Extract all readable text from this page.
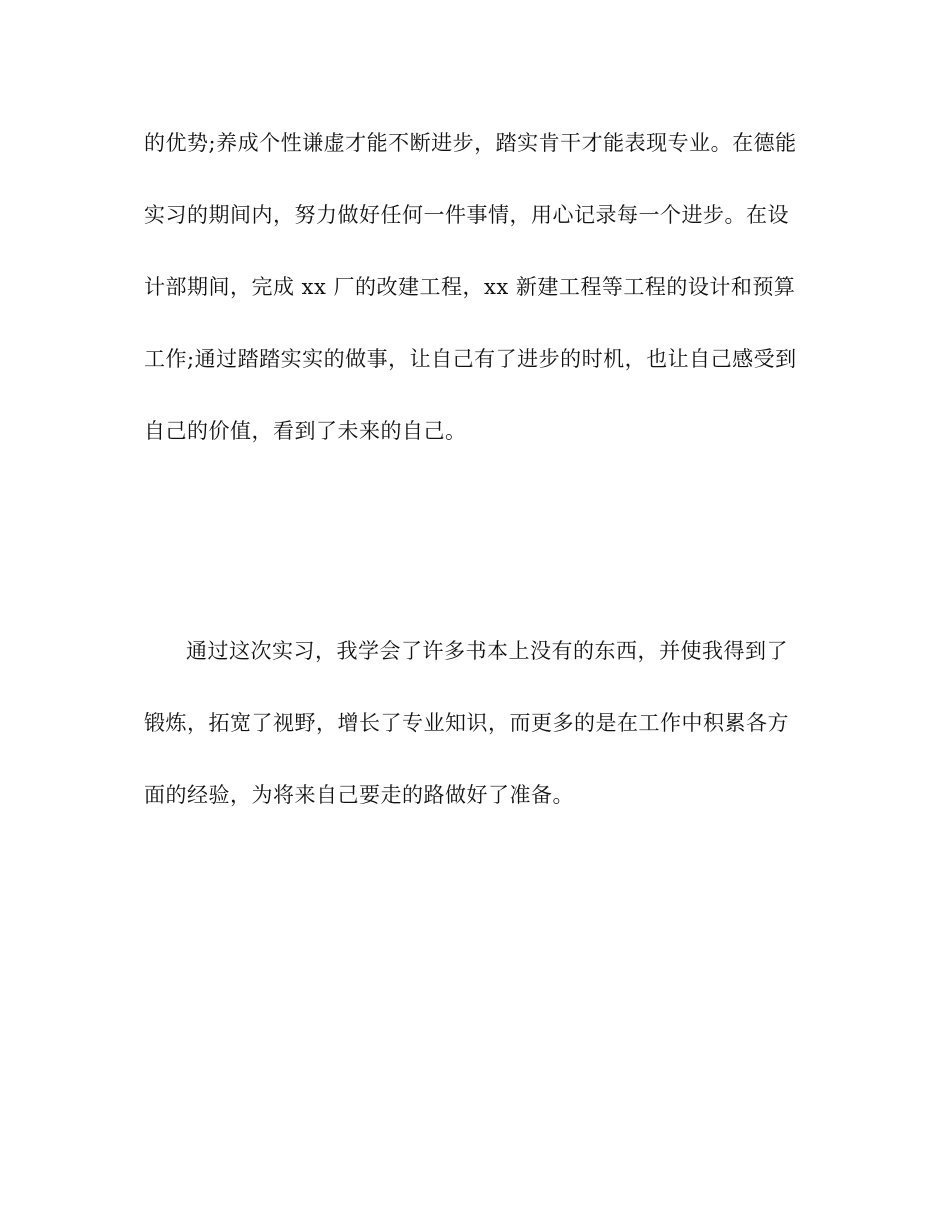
的优势;养成个性谦虚才能不断进步，踏实肯干才能表现专业。在德能
实习的期间内，努力做好任何一件事情，用心记录每一个进步。在设
计部期间，完成 xx 厂的改建工程，xx 新建工程等工程的设计和预算
工作;通过踏踏实实的做事，让自己有了进步的时机，也让自己感受到
自己的价值，看到了未来的自己。
通过这次实习，我学会了许多书本上没有的东西，并使我得到了
锻炼，拓宽了视野，增长了专业知识，而更多的是在工作中积累各方
面的经验，为将来自己要走的路做好了准备。
